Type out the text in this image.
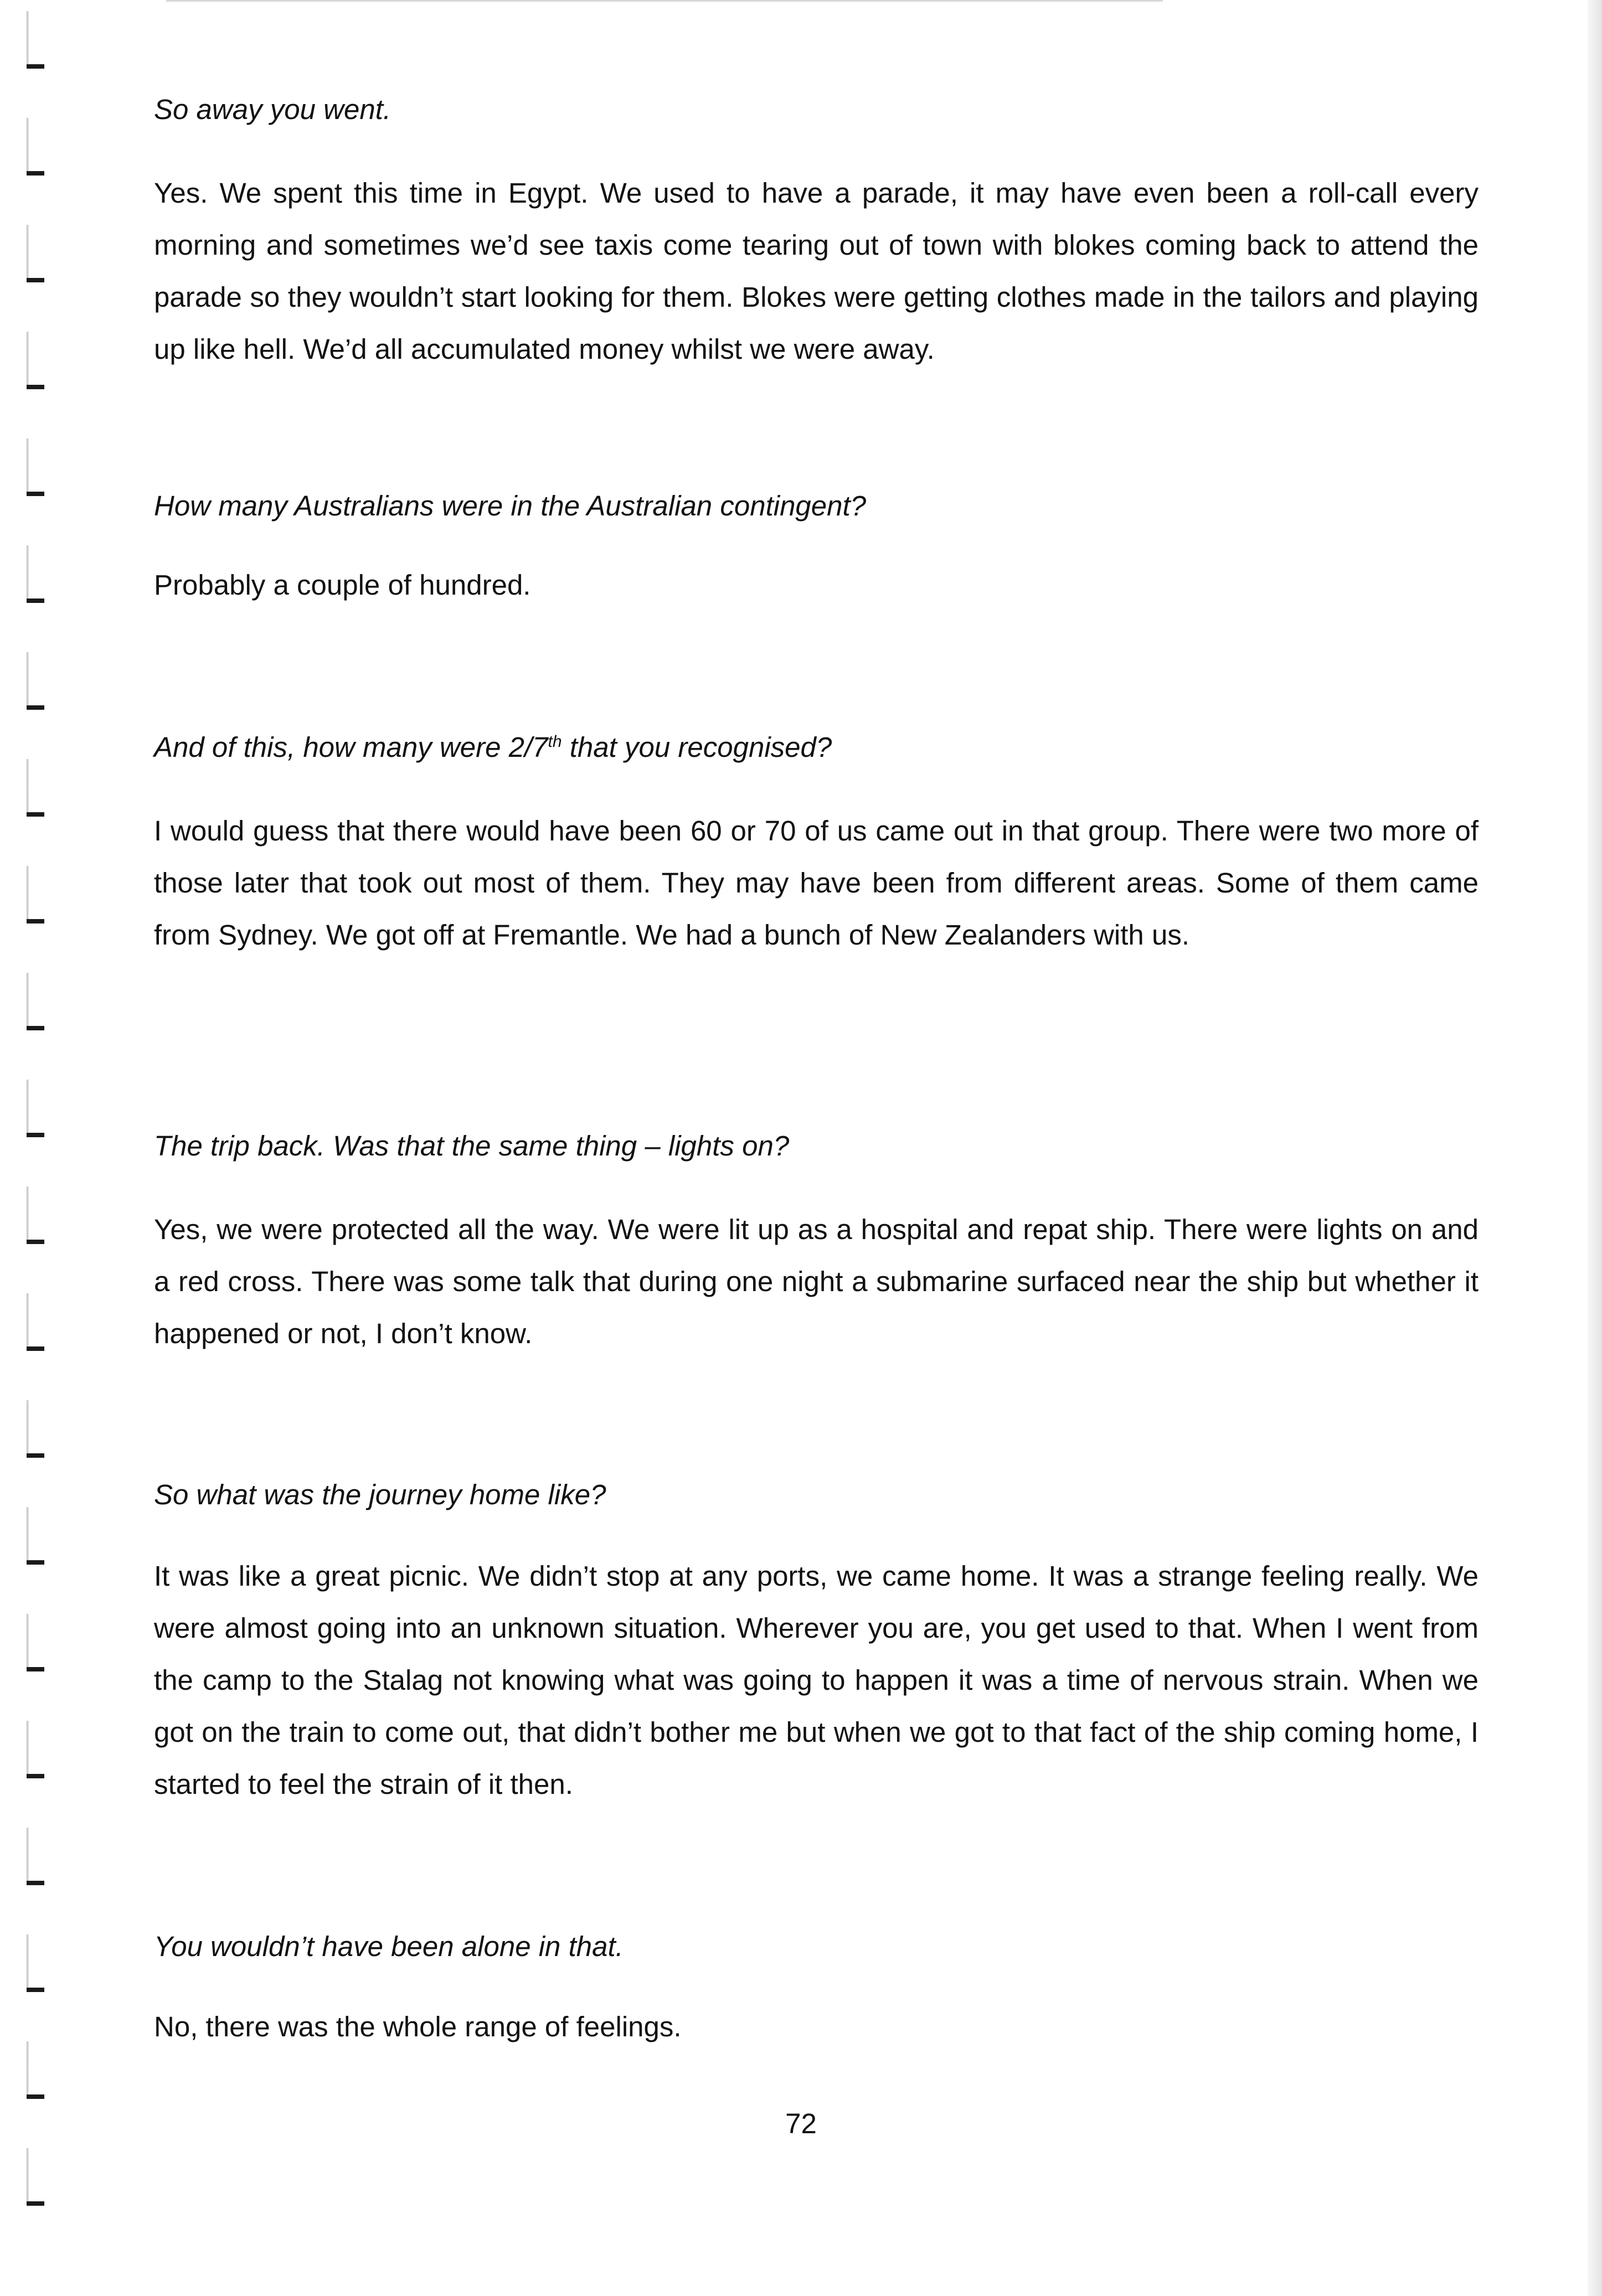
So away you went.

Yes. We spent this time in Egypt. We used to have a parade, it may have even been a roll-call every morning and sometimes we’d see taxis come tearing out of town with blokes coming back to attend the parade so they wouldn’t start looking for them. Blokes were getting clothes made in the tailors and playing up like hell. We’d all accumulated money whilst we were away.

How many Australians were in the Australian contingent?

Probably a couple of hundred.

And of this, how many were 2/7th that you recognised?

I would guess that there would have been 60 or 70 of us came out in that group. There were two more of those later that took out most of them. They may have been from different areas. Some of them came from Sydney. We got off at Fremantle. We had a bunch of New Zealanders with us.

The trip back. Was that the same thing – lights on?

Yes, we were protected all the way. We were lit up as a hospital and repat ship. There were lights on and a red cross. There was some talk that during one night a submarine surfaced near the ship but whether it happened or not, I don’t know.

So what was the journey home like?

It was like a great picnic. We didn’t stop at any ports, we came home. It was a strange feeling really. We were almost going into an unknown situation. Wherever you are, you get used to that. When I went from the camp to the Stalag not knowing what was going to happen it was a time of nervous strain. When we got on the train to come out, that didn’t bother me but when we got to that fact of the ship coming home, I started to feel the strain of it then.

You wouldn’t have been alone in that.

No, there was the whole range of feelings.

72
